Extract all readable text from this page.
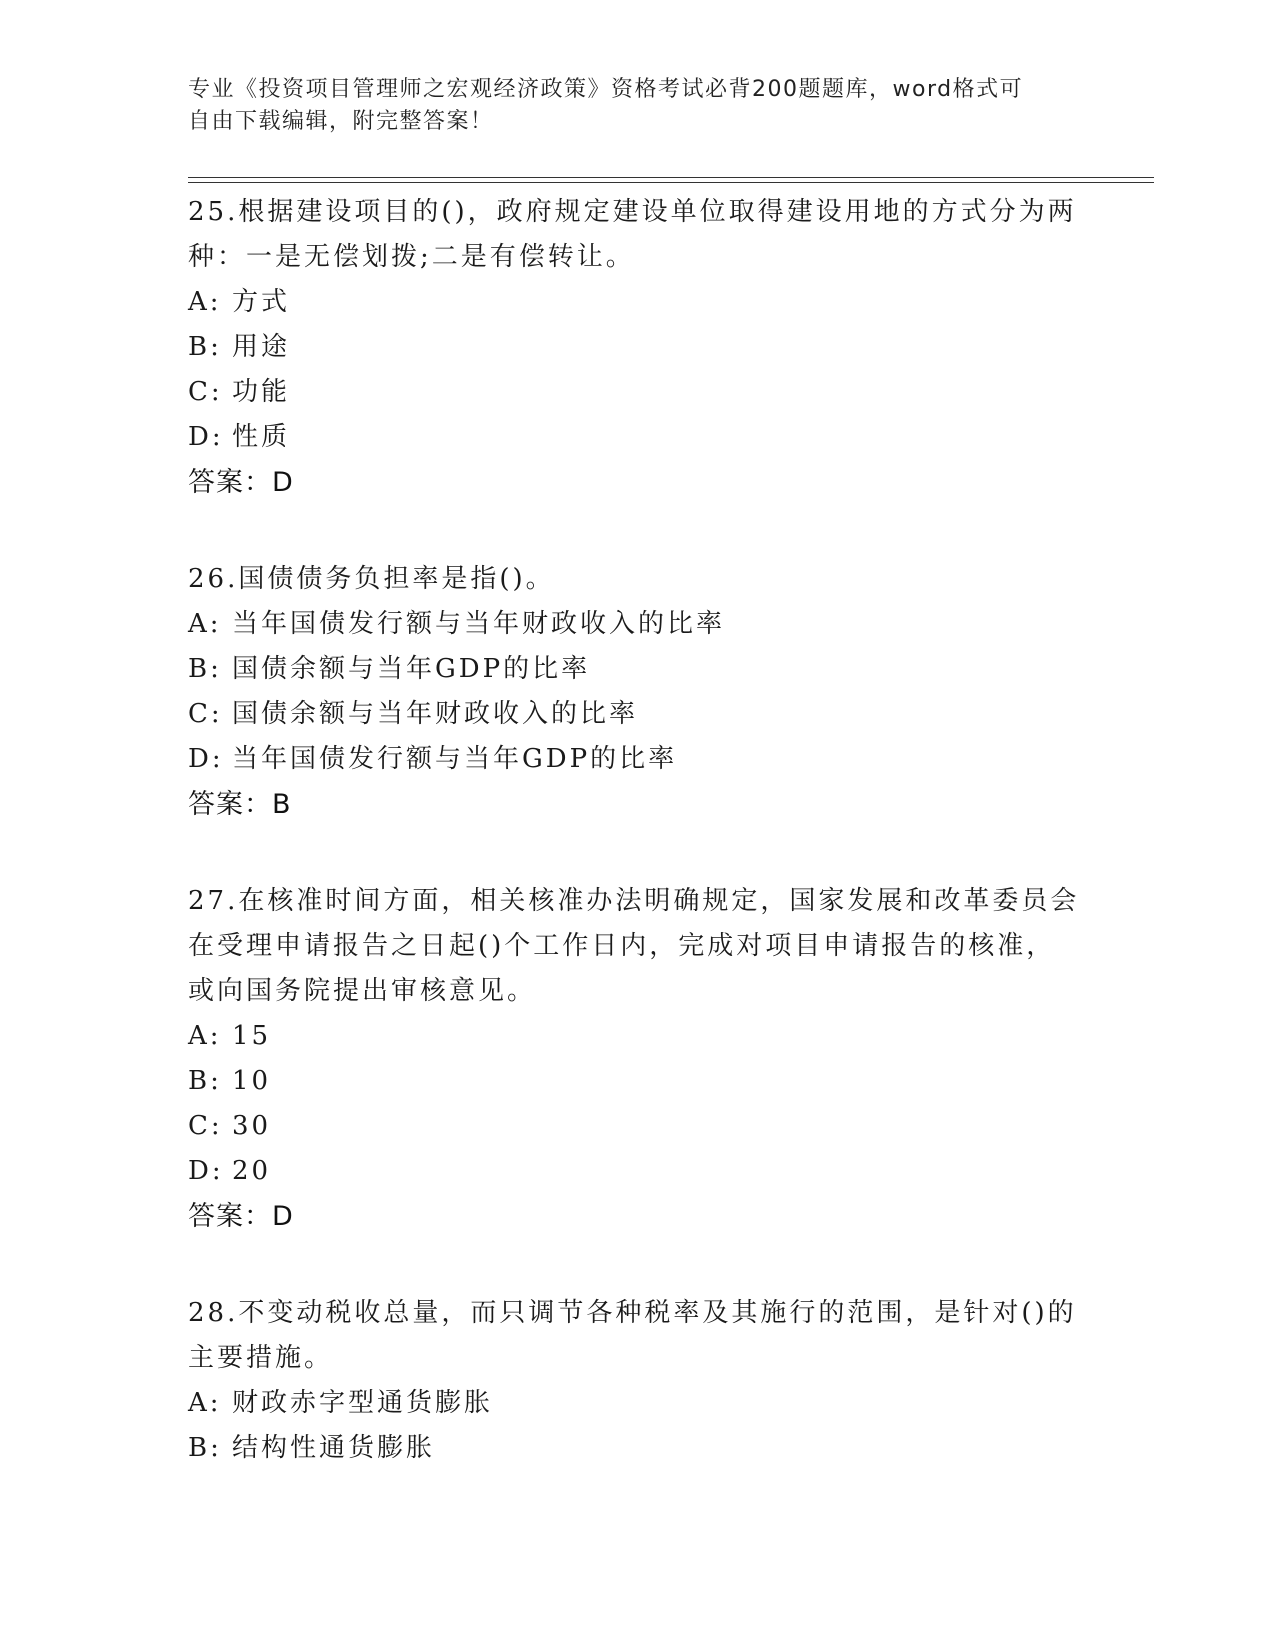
专业《投资项目管理师之宏观经济政策》资格考试必背200题题库，word格式可

自由下载编辑，附完整答案！

25.根据建设项目的()，政府规定建设单位取得建设用地的方式分为两

种：一是无偿划拨;二是有偿转让。

A: 方式
B: 用途
C: 功能
D: 性质
答案：D

26.国债债务负担率是指()。

A: 当年国债发行额与当年财政收入的比率
B: 国债余额与当年GDP的比率
C: 国债余额与当年财政收入的比率
D: 当年国债发行额与当年GDP的比率
答案：B

27.在核准时间方面，相关核准办法明确规定，国家发展和改革委员会

在受理申请报告之日起()个工作日内，完成对项目申请报告的核准，

或向国务院提出审核意见。

A: 15
B: 10
C: 30
D: 20
答案：D

28.不变动税收总量，而只调节各种税率及其施行的范围，是针对()的

主要措施。

A: 财政赤字型通货膨胀
B: 结构性通货膨胀
